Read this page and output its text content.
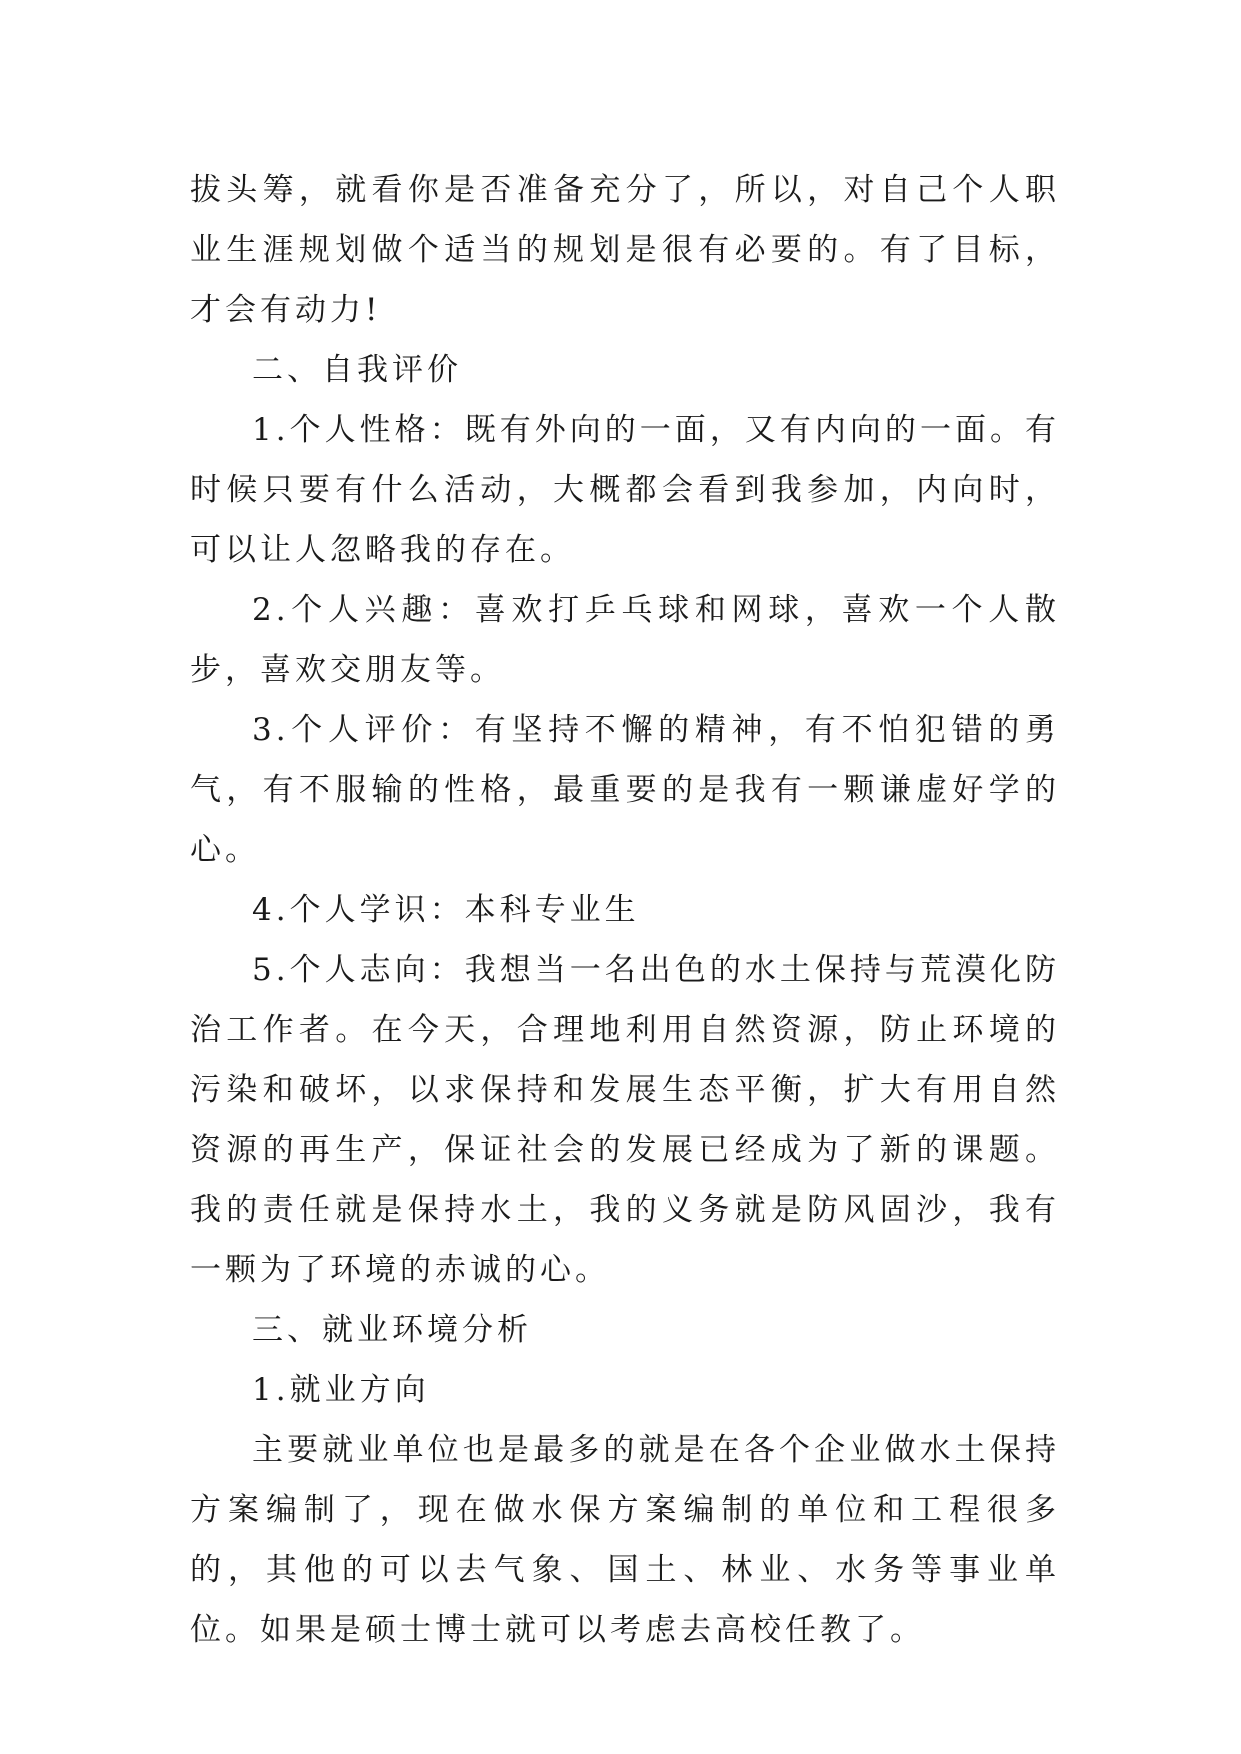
拔头筹，就看你是否准备充分了，所以，对自己个人职业生涯规划做个适当的规划是很有必要的。有了目标，才会有动力!

二、自我评价

1.个人性格：既有外向的一面，又有内向的一面。有时候只要有什么活动，大概都会看到我参加，内向时，可以让人忽略我的存在。

2.个人兴趣：喜欢打乒乓球和网球，喜欢一个人散步，喜欢交朋友等。

3.个人评价：有坚持不懈的精神，有不怕犯错的勇气，有不服输的性格，最重要的是我有一颗谦虚好学的心。

4.个人学识：本科专业生

5.个人志向：我想当一名出色的水土保持与荒漠化防治工作者。在今天，合理地利用自然资源，防止环境的污染和破坏，以求保持和发展生态平衡，扩大有用自然资源的再生产，保证社会的发展已经成为了新的课题。我的责任就是保持水土，我的义务就是防风固沙，我有一颗为了环境的赤诚的心。

三、就业环境分析

1.就业方向

主要就业单位也是最多的就是在各个企业做水土保持方案编制了，现在做水保方案编制的单位和工程很多的，其他的可以去气象、国土、林业、水务等事业单位。如果是硕士博士就可以考虑去高校任教了。
